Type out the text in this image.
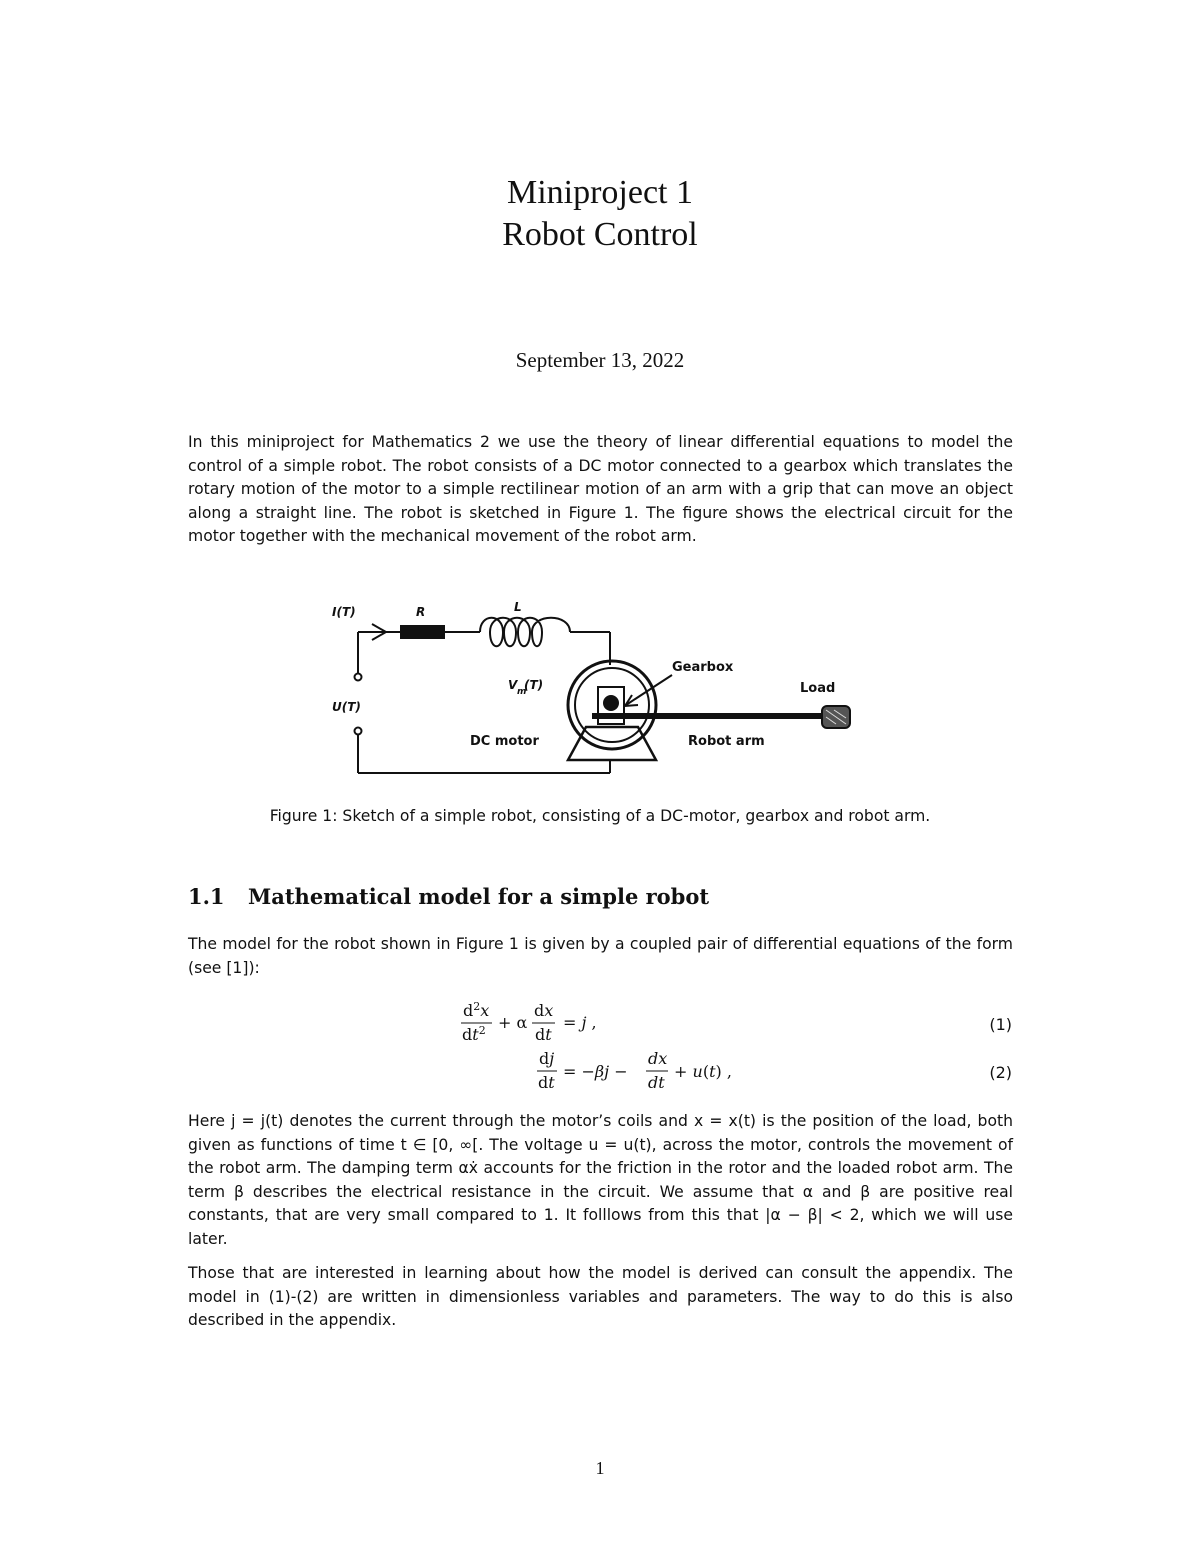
Miniproject 1
Robot Control
September 13, 2022

In this miniproject for Mathematics 2 we use the theory of linear differential equations to model the control of a simple robot. The robot consists of a DC motor connected to a gearbox which translates the rotary motion of the motor to a simple rectilinear motion of an arm with a grip that can move an object along a straight line. The robot is sketched in Figure 1. The figure shows the electrical circuit for the motor together with the mechanical movement of the robot arm.

I(T)	R	L
U(T)
V m
(T)
DC motor
Gearbox
Load
Robot arm
Figure 1: Sketch of a simple robot, consisting of a DC-motor, gearbox and robot arm.
1.1 Mathematical model for a simple robot

The model for the robot shown in Figure 1 is given by a coupled pair of differential equations of the form (see [1]):

$d^2x$
$dt^2 + \alpha$
dx
dt
= j ,
dj
dt
= −βj −
dx
dt
+ u(t) ,
(1)
(2)

Here j = j(t) denotes the current through the motor’s coils and x = x(t) is the position of the load, both given as functions of time t ∈ [0, ∞[. The voltage u = u(t), across the motor, controls the movement of the robot arm. The damping term αẋ accounts for the friction in the rotor and the loaded robot arm. The term β describes the electrical resistance in the circuit. We assume that α and β are positive real constants, that are very small compared to 1. It folllows from this that |α − β| < 2, which we will use later.

Those that are interested in learning about how the model is derived can consult the appendix. The model in (1)-(2) are written in dimensionless variables and parameters. The way to do this is also described in the appendix.

1
